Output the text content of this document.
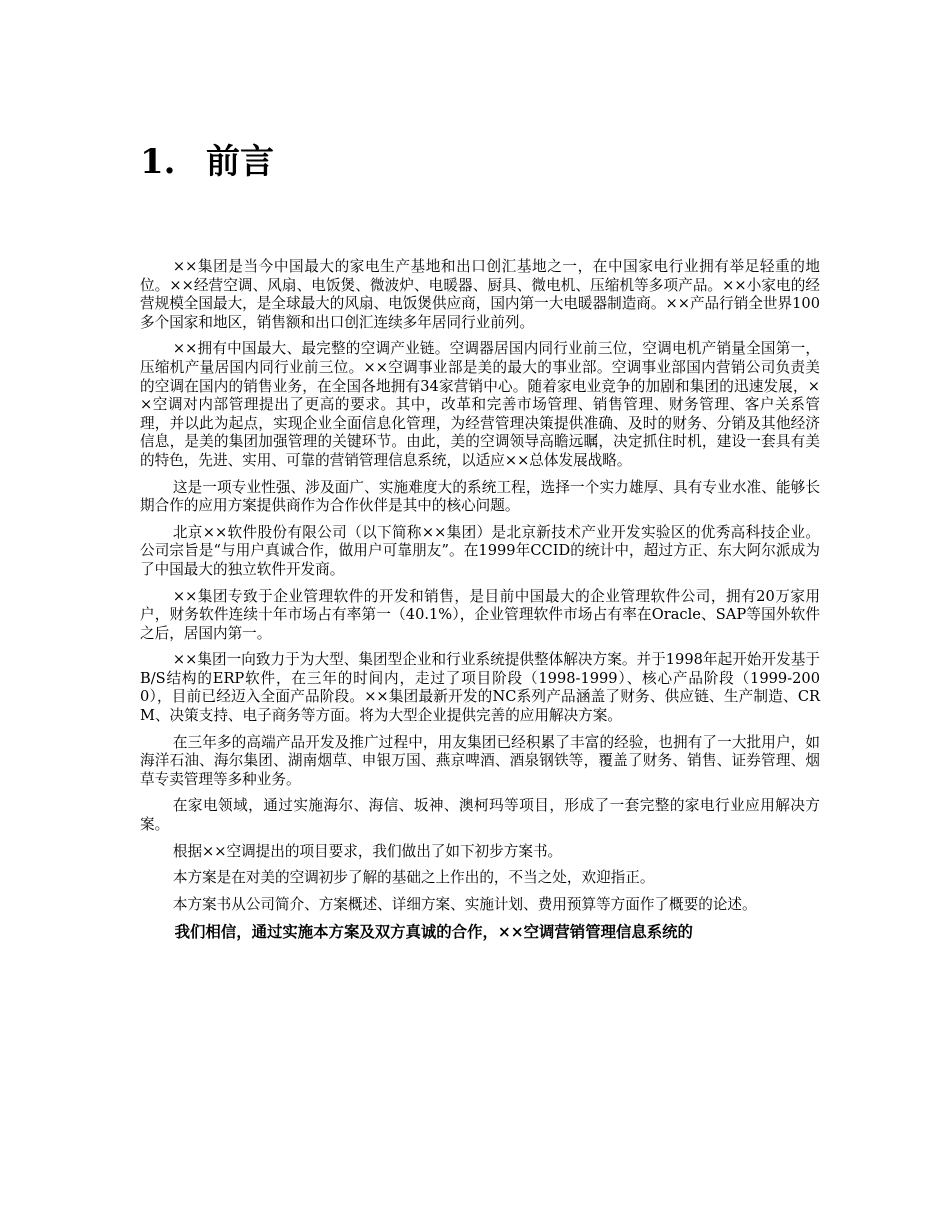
1. 前言

××集团是当今中国最大的家电生产基地和出口创汇基地之一，在中国家电行业拥有举足轻重的地位。××经营空调、风扇、电饭煲、微波炉、电暖器、厨具、微电机、压缩机等多项产品。××小家电的经营规模全国最大，是全球最大的风扇、电饭煲供应商，国内第一大电暖器制造商。××产品行销全世界100多个国家和地区，销售额和出口创汇连续多年居同行业前列。

××拥有中国最大、最完整的空调产业链。空调器居国内同行业前三位，空调电机产销量全国第一，压缩机产量居国内同行业前三位。××空调事业部是美的最大的事业部。空调事业部国内营销公司负责美的空调在国内的销售业务，在全国各地拥有34家营销中心。随着家电业竞争的加剧和集团的迅速发展，××空调对内部管理提出了更高的要求。其中，改革和完善市场管理、销售管理、财务管理、客户关系管理，并以此为起点，实现企业全面信息化管理，为经营管理决策提供准确、及时的财务、分销及其他经济信息，是美的集团加强管理的关键环节。由此，美的空调领导高瞻远瞩，决定抓住时机，建设一套具有美的特色，先进、实用、可靠的营销管理信息系统，以适应××总体发展战略。

这是一项专业性强、涉及面广、实施难度大的系统工程，选择一个实力雄厚、具有专业水准、能够长期合作的应用方案提供商作为合作伙伴是其中的核心问题。

北京××软件股份有限公司（以下简称××集团）是北京新技术产业开发实验区的优秀高科技企业。公司宗旨是“与用户真诚合作，做用户可靠朋友”。在1999年CCID的统计中，超过方正、东大阿尔派成为了中国最大的独立软件开发商。

××集团专致于企业管理软件的开发和销售，是目前中国最大的企业管理软件公司，拥有20万家用户，财务软件连续十年市场占有率第一（40.1%），企业管理软件市场占有率在Oracle、SAP等国外软件之后，居国内第一。

××集团一向致力于为大型、集团型企业和行业系统提供整体解决方案。并于1998年起开始开发基于B/S结构的ERP软件，在三年的时间内，走过了项目阶段（1998-1999）、核心产品阶段（1999-2000），目前已经迈入全面产品阶段。××集团最新开发的NC系列产品涵盖了财务、供应链、生产制造、CRM、决策支持、电子商务等方面。将为大型企业提供完善的应用解决方案。

在三年多的高端产品开发及推广过程中，用友集团已经积累了丰富的经验，也拥有了一大批用户，如海洋石油、海尔集团、湖南烟草、申银万国、燕京啤酒、酒泉钢铁等，覆盖了财务、销售、证券管理、烟草专卖管理等多种业务。

在家电领域，通过实施海尔、海信、坂神、澳柯玛等项目，形成了一套完整的家电行业应用解决方案。

根据××空调提出的项目要求，我们做出了如下初步方案书。

本方案是在对美的空调初步了解的基础之上作出的，不当之处，欢迎指正。

本方案书从公司简介、方案概述、详细方案、实施计划、费用预算等方面作了概要的论述。

我们相信，通过实施本方案及双方真诚的合作，××空调营销管理信息系统的
